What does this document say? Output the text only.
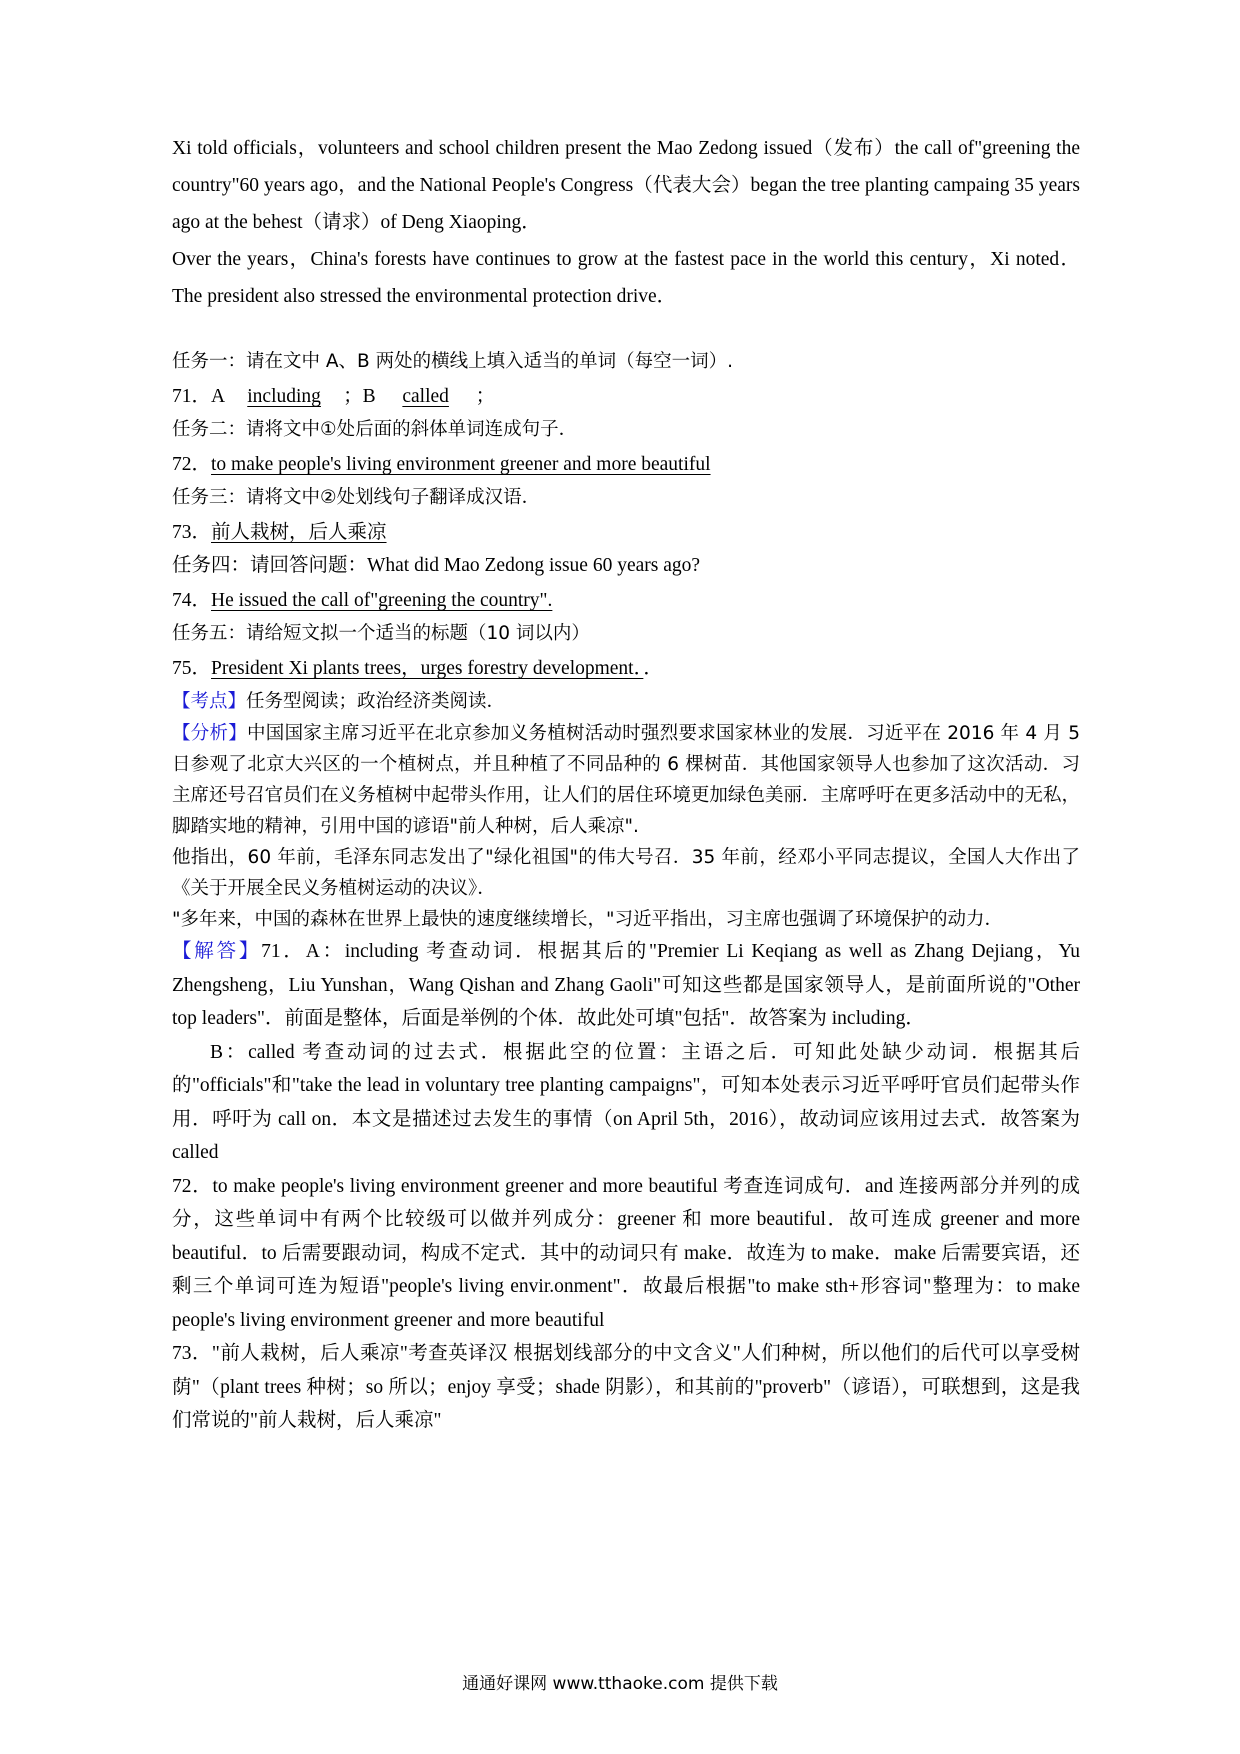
Xi told officials，volunteers and school children present the Mao Zedong issued（发布）the call of"greening the country"60 years ago，and the National People's Congress（代表大会）began the tree planting campaing 35 years ago at the behest（请求）of Deng Xiaoping．

Over the years，China's forests have continues to grow at the fastest pace in the world this century，Xi noted．The president also stressed the environmental protection drive．

任务一：请在文中 A、B 两处的横线上填入适当的单词（每空一词）.

71．A including ；B called ；

任务二：请将文中①处后面的斜体单词连成句子．

72．to make people's living environment greener and more beautiful

任务三：请将文中②处划线句子翻译成汉语．

73．前人栽树，后人乘凉

任务四：请回答问题：What did Mao Zedong issue 60 years ago?

74．He issued the call of"greening the country".

任务五：请给短文拟一个适当的标题（10 词以内）

75．President Xi plants trees，urges forestry development．．

【考点】任务型阅读；政治经济类阅读．

【分析】中国国家主席习近平在北京参加义务植树活动时强烈要求国家林业的发展．习近平在 2016 年 4 月 5 日参观了北京大兴区的一个植树点，并且种植了不同品种的 6 棵树苗．其他国家领导人也参加了这次活动．习主席还号召官员们在义务植树中起带头作用，让人们的居住环境更加绿色美丽．主席呼吁在更多活动中的无私，脚踏实地的精神，引用中国的谚语"前人种树，后人乘凉".

他指出，60 年前，毛泽东同志发出了"绿化祖国"的伟大号召．35 年前，经邓小平同志提议，全国人大作出了《关于开展全民义务植树运动的决议》．

"多年来，中国的森林在世界上最快的速度继续增长，"习近平指出，习主席也强调了环境保护的动力．

【解答】71．A：including 考查动词．根据其后的"Premier Li Keqiang as well as Zhang Dejiang，Yu Zhengsheng，Liu Yunshan，Wang Qishan and Zhang Gaoli"可知这些都是国家领导人，是前面所说的"Other top leaders"．前面是整体，后面是举例的个体．故此处可填"包括"．故答案为 including．

B：called 考查动词的过去式．根据此空的位置：主语之后．可知此处缺少动词．根据其后的"officials"和"take the lead in voluntary tree planting campaigns"，可知本处表示习近平呼吁官员们起带头作用．呼吁为 call on．本文是描述过去发生的事情（on April 5th，2016），故动词应该用过去式．故答案为 called

72．to make people's living environment greener and more beautiful 考查连词成句．and 连接两部分并列的成分，这些单词中有两个比较级可以做并列成分：greener 和 more beautiful．故可连成 greener and more beautiful．to 后需要跟动词，构成不定式．其中的动词只有 make．故连为 to make．make 后需要宾语，还剩三个单词可连为短语"people's living envir.onment"．故最后根据"to make sth+形容词"整理为：to make people's living environment greener and more beautiful

73．"前人栽树，后人乘凉"考查英译汉 根据划线部分的中文含义"人们种树，所以他们的后代可以享受树荫"（plant trees 种树；so 所以；enjoy 享受；shade 阴影），和其前的"proverb"（谚语），可联想到，这是我们常说的"前人栽树，后人乘凉"

通通好课网 www.tthaoke.com 提供下载
